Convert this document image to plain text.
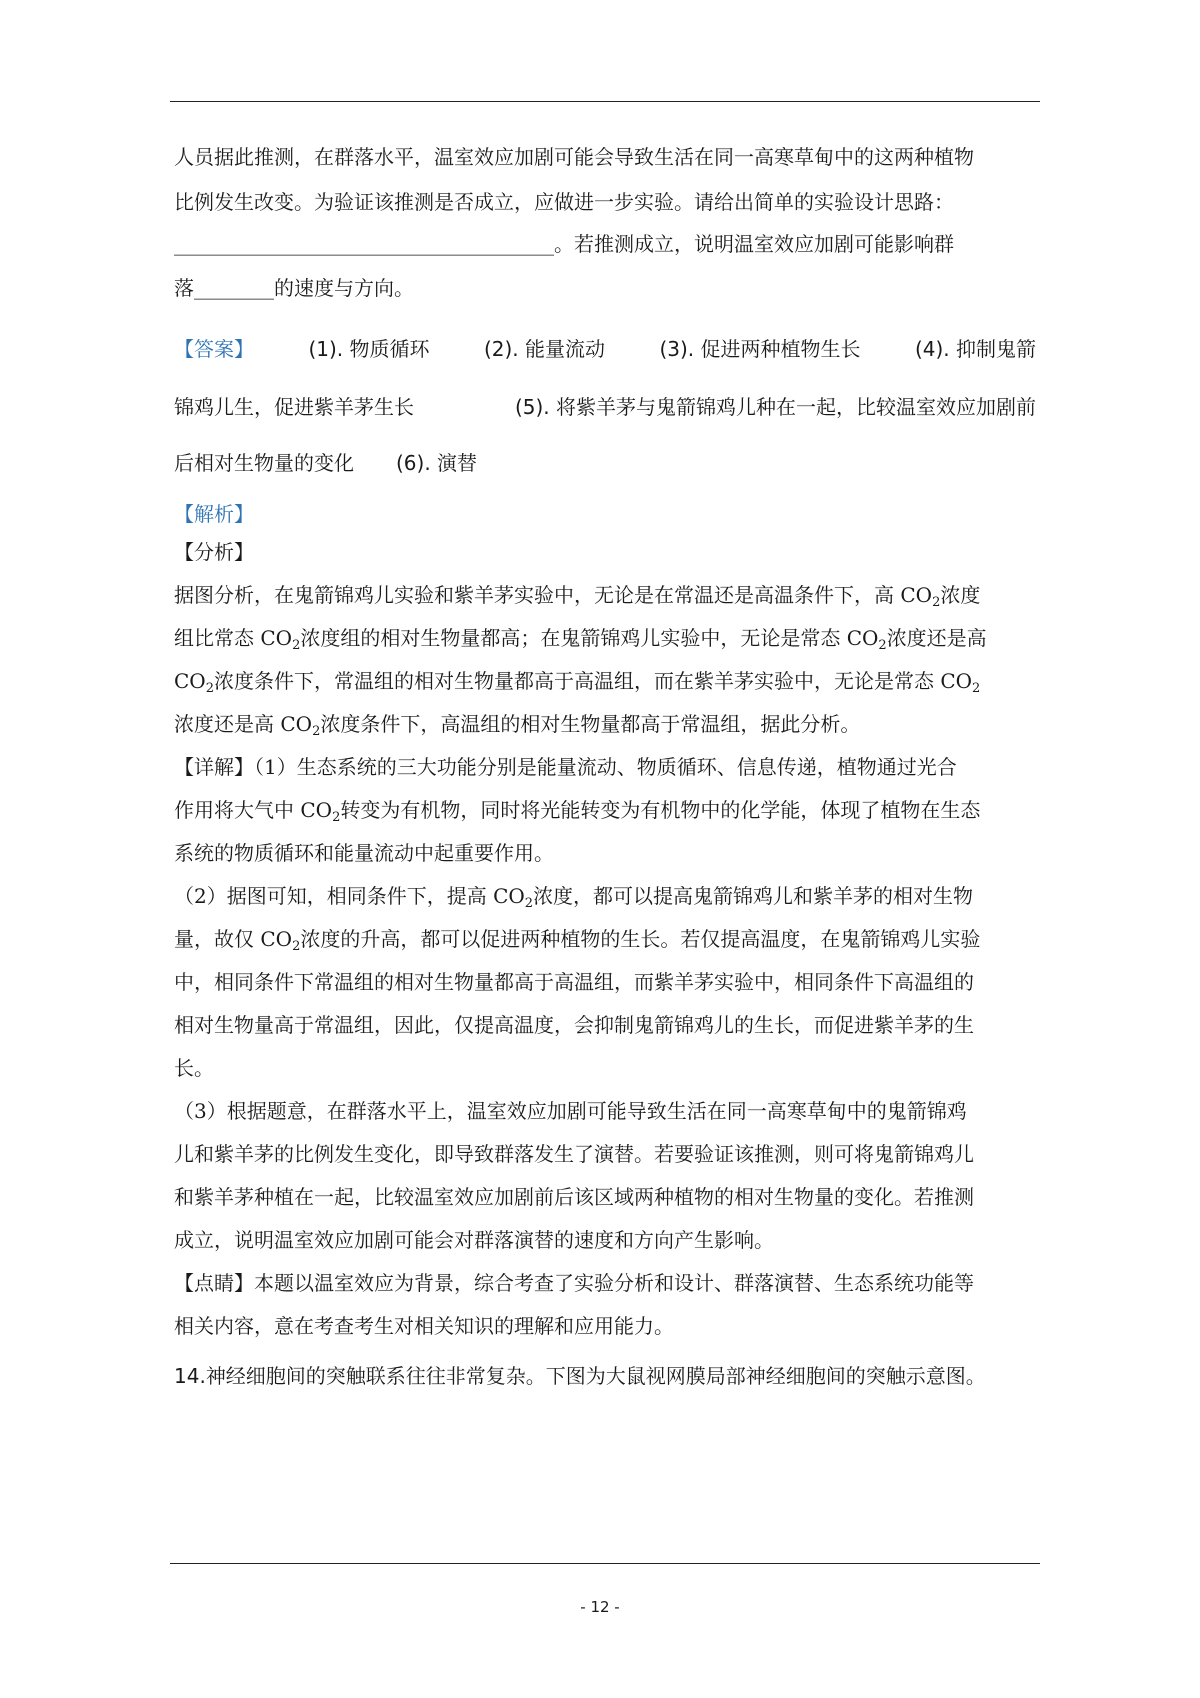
人员据此推测，在群落水平，温室效应加剧可能会导致生活在同一高寒草甸中的这两种植物
比例发生改变。为验证该推测是否成立，应做进一步实验。请给出简单的实验设计思路：
______________________________________。若推测成立，说明温室效应加剧可能影响群
落________的速度与方向。
【答案】	(1). 物质循环	(2). 能量流动	(3). 促进两种植物生长	(4). 抑制鬼箭
锦鸡儿生，促进紫羊茅生长	(5). 将紫羊茅与鬼箭锦鸡儿种在一起，比较温室效应加剧前
后相对生物量的变化 (6). 演替
【解析】
【分析】
据图分析，在鬼箭锦鸡儿实验和紫羊茅实验中，无论是在常温还是高温条件下，高 $CO_2$浓度
组比常态 $CO_2$浓度组的相对生物量都高；在鬼箭锦鸡儿实验中，无论是常态 $CO_2$浓度还是高
$CO_2$浓度条件下，常温组的相对生物量都高于高温组，而在紫羊茅实验中，无论是常态 $CO_2$
浓度还是高 $CO_2$浓度条件下，高温组的相对生物量都高于常温组，据此分析。
【详解】（1）生态系统的三大功能分别是能量流动、物质循环、信息传递，植物通过光合
作用将大气中 $CO_2$转变为有机物，同时将光能转变为有机物中的化学能，体现了植物在生态
系统的物质循环和能量流动中起重要作用。
（2）据图可知，相同条件下，提高 $CO_2$浓度，都可以提高鬼箭锦鸡儿和紫羊茅的相对生物
量，故仅 $CO_2$浓度的升高，都可以促进两种植物的生长。若仅提高温度，在鬼箭锦鸡儿实验
中，相同条件下常温组的相对生物量都高于高温组，而紫羊茅实验中，相同条件下高温组的
相对生物量高于常温组，因此，仅提高温度，会抑制鬼箭锦鸡儿的生长，而促进紫羊茅的生
长。
（3）根据题意，在群落水平上，温室效应加剧可能导致生活在同一高寒草甸中的鬼箭锦鸡
儿和紫羊茅的比例发生变化，即导致群落发生了演替。若要验证该推测，则可将鬼箭锦鸡儿
和紫羊茅种植在一起，比较温室效应加剧前后该区域两种植物的相对生物量的变化。若推测
成立，说明温室效应加剧可能会对群落演替的速度和方向产生影响。
【点睛】本题以温室效应为背景，综合考查了实验分析和设计、群落演替、生态系统功能等
相关内容，意在考查考生对相关知识的理解和应用能力。
14.神经细胞间的突触联系往往非常复杂。下图为大鼠视网膜局部神经细胞间的突触示意图。
- 12 -
